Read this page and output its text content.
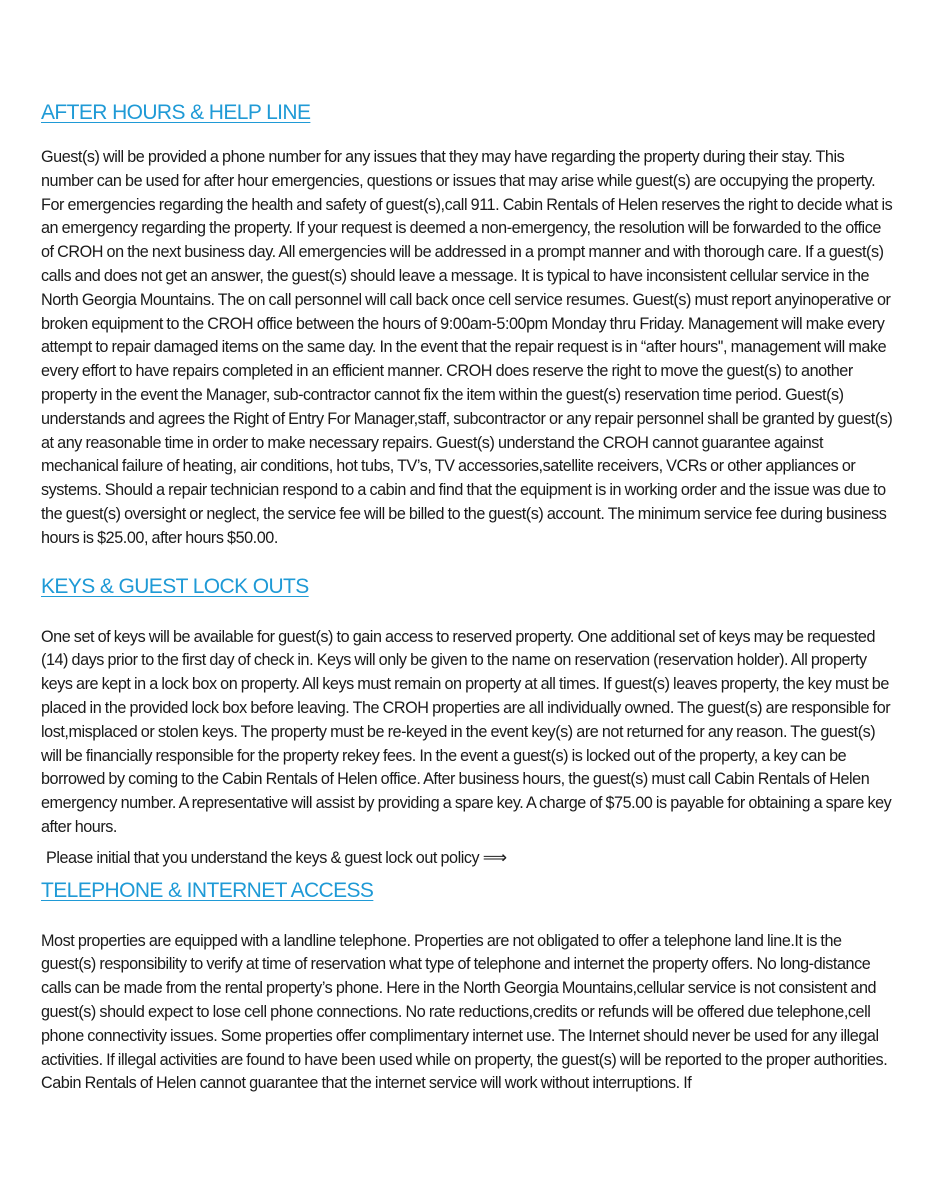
AFTER HOURS & HELP LINE

Guest(s) will be provided a phone number for any issues that they may have regarding the property during their stay. This number can be used for after hour emergencies, questions or issues that may arise while guest(s) are occupying the property. For emergencies regarding the health and safety of guest(s),call 911. Cabin Rentals of Helen reserves the right to decide what is an emergency regarding the property. If your request is deemed a non-emergency, the resolution will be forwarded to the office of CROH on the next business day. All emergencies will be addressed in a prompt manner and with thorough care. If a guest(s) calls and does not get an answer, the guest(s) should leave a message. It is typical to have inconsistent cellular service in the North Georgia Mountains. The on call personnel will call back once cell service resumes. Guest(s) must report anyinoperative or broken equipment to the CROH office between the hours of 9:00am-5:00pm Monday thru Friday. Management will make every attempt to repair damaged items on the same day. In the event that the repair request is in “after hours'', management will make every effort to have repairs completed in an efficient manner. CROH does reserve the right to move the guest(s) to another property in the event the Manager, sub-contractor cannot fix the item within the guest(s) reservation time period. Guest(s) understands and agrees the Right of Entry For Manager,staff, subcontractor or any repair personnel shall be granted by guest(s) at any reasonable time in order to make necessary repairs. Guest(s) understand the CROH cannot guarantee against mechanical failure of heating, air conditions, hot tubs, TV’s, TV accessories,satellite receivers, VCRs or other appliances or systems. Should a repair technician respond to a cabin and find that the equipment is in working order and the issue was due to the guest(s) oversight or neglect, the service fee will be billed to the guest(s) account. The minimum service fee during business hours is $25.00, after hours $50.00.

KEYS & GUEST LOCK OUTS

One set of keys will be available for guest(s) to gain access to reserved property. One additional set of keys may be requested (14) days prior to the first day of check in. Keys will only be given to the name on reservation (reservation holder). All property keys are kept in a lock box on property. All keys must remain on property at all times. If guest(s) leaves property, the key must be placed in the provided lock box before leaving. The CROH properties are all individually owned. The guest(s) are responsible for lost,misplaced or stolen keys. The property must be re-keyed in the event key(s) are not returned for any reason. The guest(s) will be financially responsible for the property rekey fees. In the event a guest(s) is locked out of the property, a key can be borrowed by coming to the Cabin Rentals of Helen office. After business hours, the guest(s) must call Cabin Rentals of Helen emergency number. A representative will assist by providing a spare key. A charge of $75.00 is payable for obtaining a spare key after hours.

Please initial that you understand the keys & guest lock out policy ⟹

TELEPHONE & INTERNET ACCESS

Most properties are equipped with a landline telephone. Properties are not obligated to offer a telephone land line.It is the guest(s) responsibility to verify at time of reservation what type of telephone and internet the property offers. No long-distance calls can be made from the rental property’s phone. Here in the North Georgia Mountains,cellular service is not consistent and guest(s) should expect to lose cell phone connections. No rate reductions,credits or refunds will be offered due telephone,cell phone connectivity issues. Some properties offer complimentary internet use. The Internet should never be used for any illegal activities. If illegal activities are found to have been used while on property, the guest(s) will be reported to the proper authorities. Cabin Rentals of Helen cannot guarantee that the internet service will work without interruptions. If
